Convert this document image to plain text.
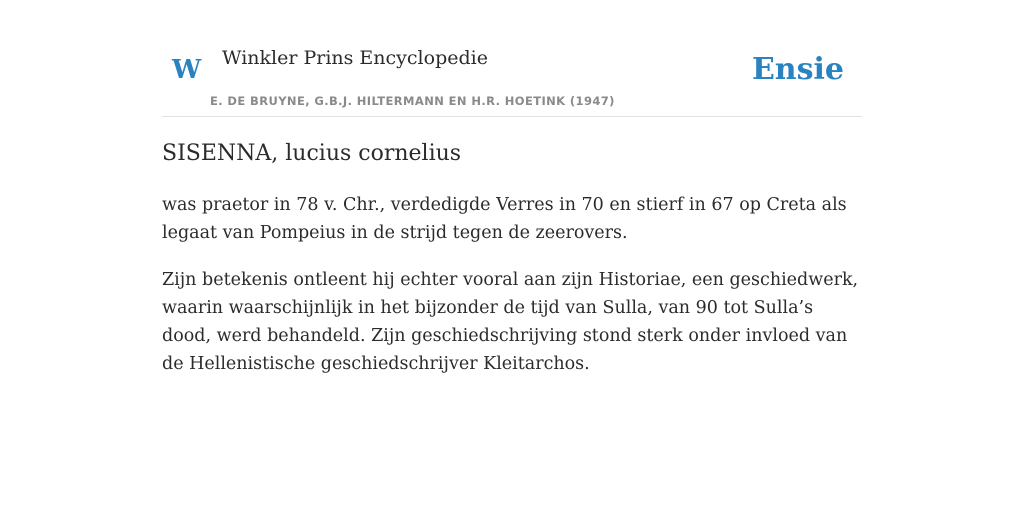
W Winkler Prins Encyclopedie
E. DE BRUYNE, G.B.J. HILTERMANN EN H.R. HOETINK (1947)
Ensie
SISENNA, lucius cornelius

was praetor in 78 v. Chr., verdedigde Verres in 70 en stierf in 67 op Creta als legaat van Pompeius in de strijd tegen de zeerovers.

Zijn betekenis ontleent hij echter vooral aan zijn Historiae, een geschiedwerk, waarin waarschijnlijk in het bijzonder de tijd van Sulla, van 90 tot Sulla’s dood, werd behandeld. Zijn geschiedschrijving stond sterk onder invloed van de Hellenistische geschiedschrijver Kleitarchos.
